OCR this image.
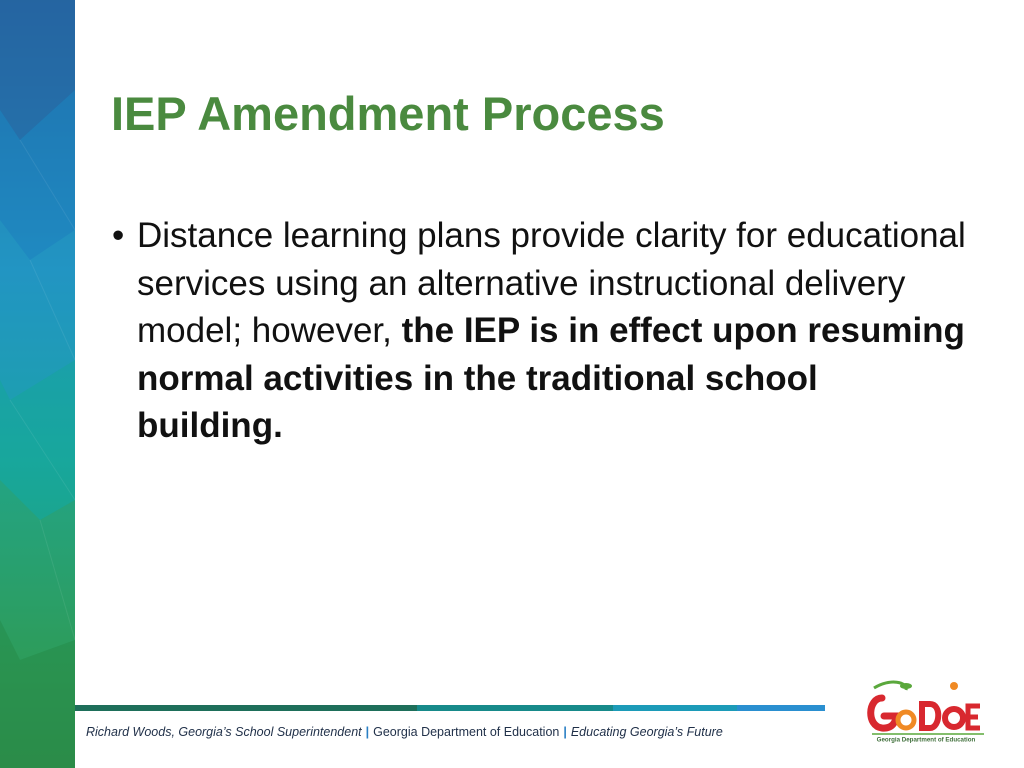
IEP Amendment Process
• Distance learning plans provide clarity for educational services using an alternative instructional delivery model; however, the IEP is in effect upon resuming normal activities in the traditional school building.
Richard Woods, Georgia’s School Superintendent | Georgia Department of Education | Educating Georgia’s Future
Georgia Department of Education
